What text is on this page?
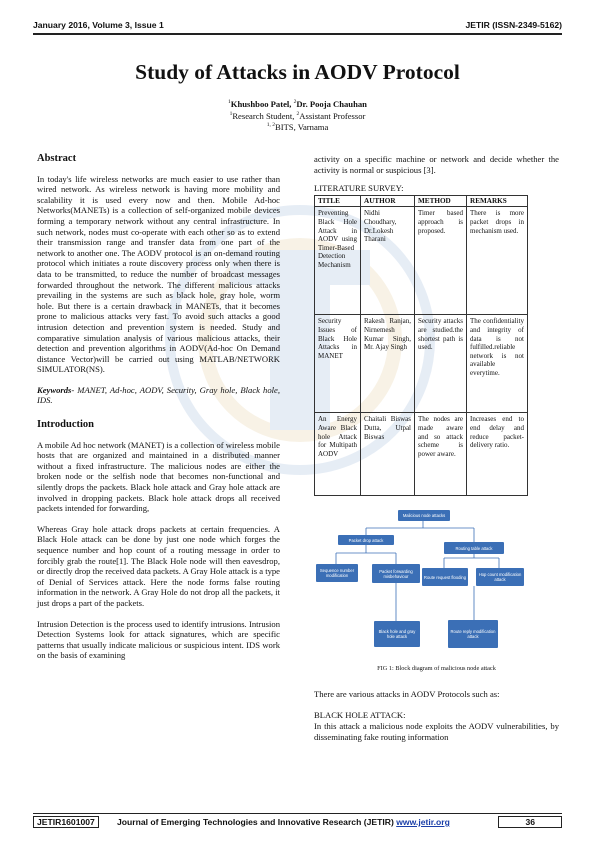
January 2016, Volume 3, Issue 1	JETIR (ISSN-2349-5162)
Study of Attacks in AODV Protocol
$^1$Khushboo Patel, $^2$Dr. Pooja Chauhan
$^1$Research Student, $^2$Assistant Professor
$^{1, 2}$BITS, Varnama
Abstract
In today's life wireless networks are much easier to use rather than wired network. As wireless network is having more mobility and scalability it is used every now and then. Mobile Ad-hoc Networks(MANETs) is a collection of self-organized mobile devices forming a temporary network without any central infrastructure. In such network, nodes must co-operate with each other so as to extend their transmission range and transfer data from one part of the network to another one. The AODV protocol is an on-demand routing protocol which initiates a route discovery process only when there is data to be transmitted, to reduce the number of broadcast messages forwarded throughout the network. The different malicious attacks prevailing in the systems are such as black hole, gray hole, worm hole. But there is a certain drawback in MANETs, that it becomes prone to malicious attacks very fast. To avoid such attacks a good intrusion detection and prevention system is needed. Study and comparative simulation analysis of various malicious attacks, their detection and prevention algorithms in AODV(Ad-hoc On Demand distance Vector)will be carried out using MATLAB/NETWORK SIMULATOR(NS).
Keywords- MANET, Ad-hoc, AODV, Security, Gray hole, Black hole, IDS.
Introduction
A mobile Ad hoc network (MANET) is a collection of wireless mobile hosts that are organized and maintained in a distributed manner without a fixed infrastructure. The malicious nodes are either the broken node or the selfish node that becomes non-functional and silently drops the packets. Black hole attack and Gray hole attack are involved in dropping packets. Black hole attack drops all received packets intended for forwarding,
Whereas Gray hole attack drops packets at certain frequencies. A Black Hole attack can be done by just one node which forges the sequence number and hop count of a routing message in order to forcibly grab the route[1]. The Black Hole node will then eavesdrop, or directly drop the received data packets. A Gray Hole attack is a type of Denial of Services attack. Here the node forms false routing information in the network. A Gray Hole do not drop all the packets, it just drops a part of the packets.
Intrusion Detection is the process used to identify intrusions. Intrusion Detection Systems look for attack signatures, which are specific patterns that usually indicate malicious or suspicious intent. IDS work on the basis of examining
activity on a specific machine or network and decide whether the activity is normal or suspicious [3].
LITERATURE SURVEY:
TITLE	AUTHOR	METHOD	REMARKS
Preventing Black Hole Attack in AODV using Timer-Based Detection Mechanism	Nidhi Choudhary, Dr.Lokesh Tharani	Timer based approach is proposed.	There is more packet drops in mechanism used.
Security Issues of Black Hole Attacks in MANET	Rakesh Ranjan, Nirnemesh Kumar Singh, Mr. Ajay Singh	Security attacks are studied.the shortest path is used.	The confidentiality and integrity of data is not fulfilled.reliable network is not available everytime.
An Energy Aware Black hole Attack for Multipath AODV	Chaitali Biswas Dutta, Utpal Biswas	The nodes are made aware and so attack scheme is power aware.	Increases end to end delay and reduce packet-delivery ratio.
Malicious node attacks
Packet drop attack
Routing table attack
Sequence number modification
Packet forwarding misbehaviour	Route request flooding	Hop count modification attack
Black hole and gray hole attack
Route reply modification attack
FIG 1: Block diagram of malicious node attack
There are various attacks in AODV Protocols such as:
BLACK HOLE ATTACK:
In this attack a malicious node exploits the AODV vulnerabilities, by disseminating fake routing information
JETIR1601007	Journal of Emerging Technologies and Innovative Research (JETIR) www.jetir.org	36
